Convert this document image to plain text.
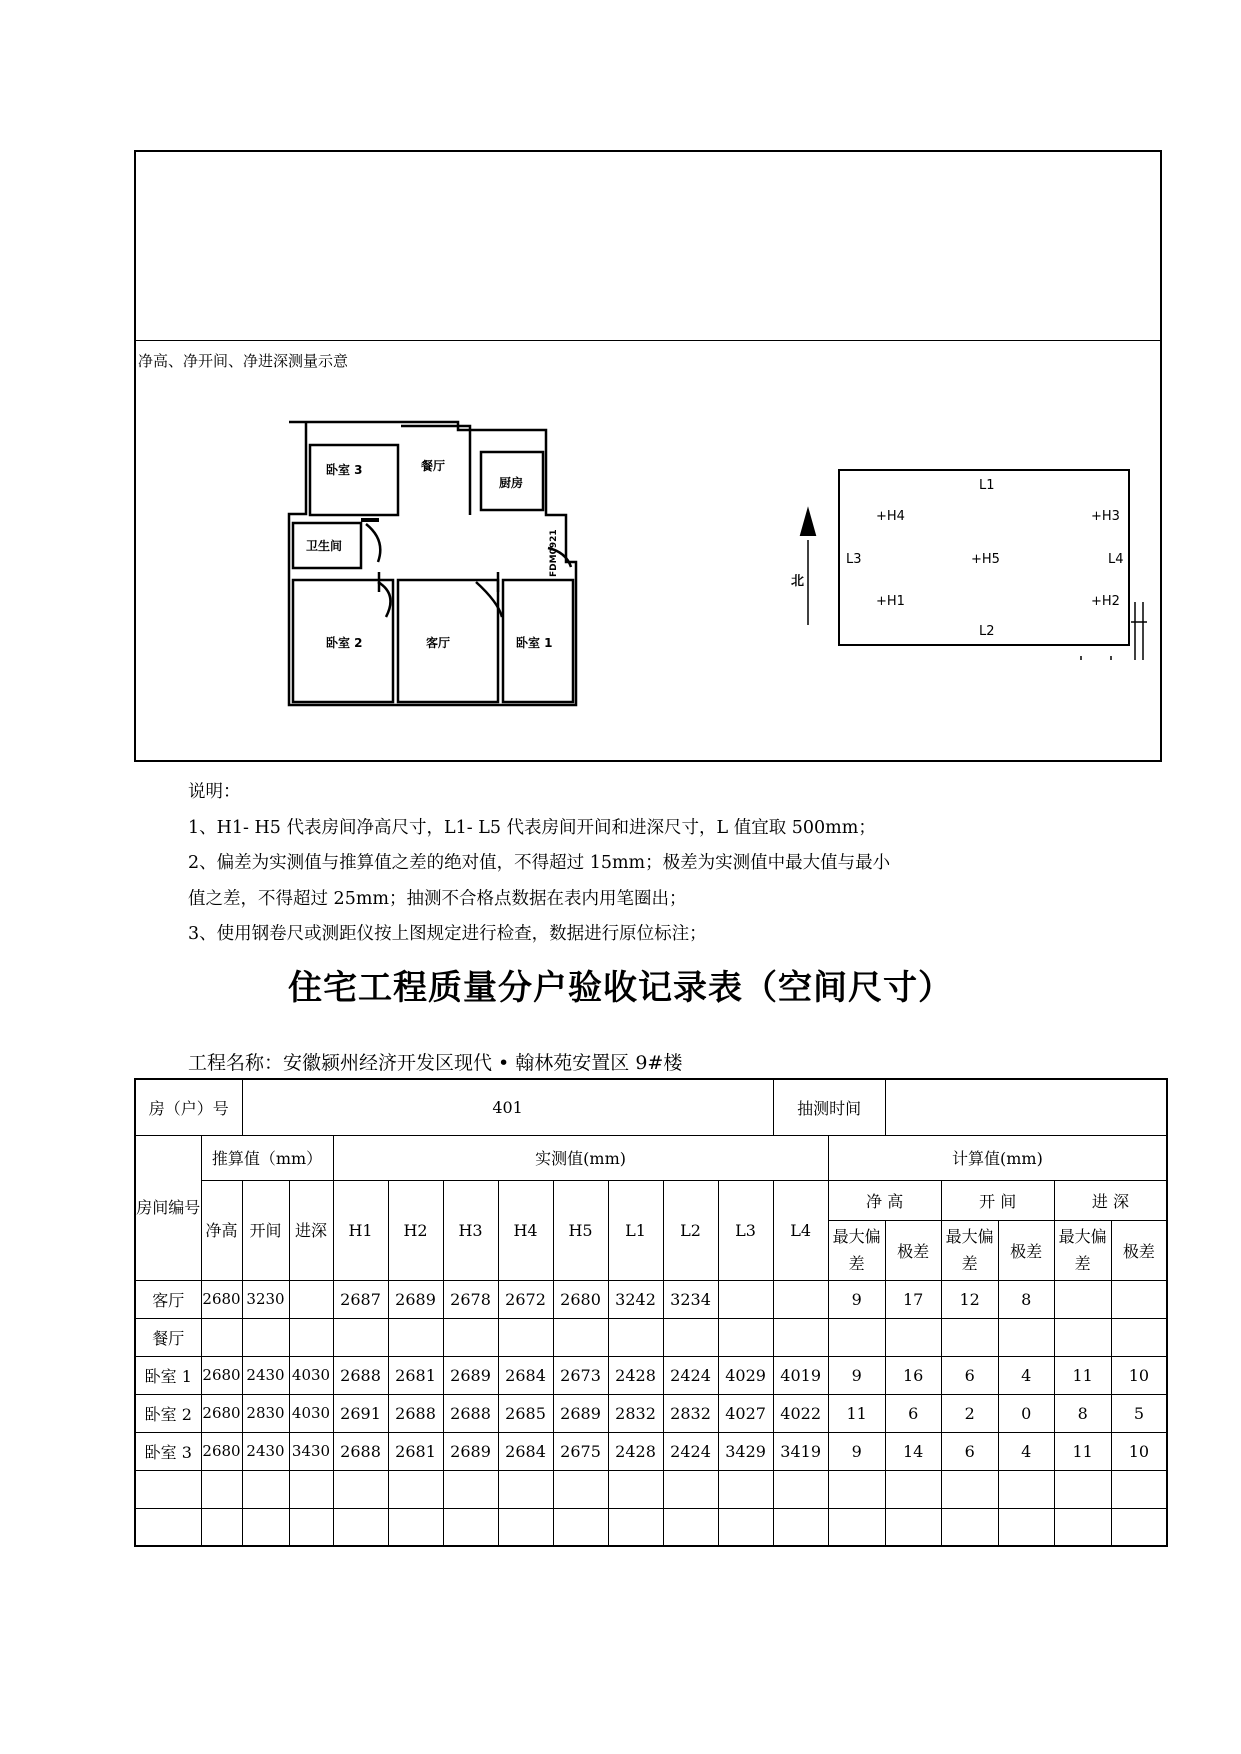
净高、净开间、净进深测量示意
卧室 3	餐厅
厨房
卫生间
卧室 2	客厅	卧室 1
FDM0921
北
L1
L2
L3	L4
+H4	+H3
+H5
+H1	+H2
说明：
1、H1- H5 代表房间净高尺寸，L1- L5 代表房间开间和进深尺寸，L 值宜取 500mm；
2、偏差为实测值与推算值之差的绝对值，不得超过 15mm；极差为实测值中最大值与最小
值之差，不得超过 25mm；抽测不合格点数据在表内用笔圈出；
3、使用钢卷尺或测距仪按上图规定进行检查，数据进行原位标注；
住宅工程质量分户验收记录表（空间尺寸）
工程名称：安徽颍州经济开发区现代 • 翰林苑安置区 9#楼
房（户）号		401										抽测时间						
房间编号	推算值（mm）			实测值(mm)									计算值(mm)					
	净高	开间	进深	H1	H2	H3	H4	H5	L1	L2	L3	L4	净 高		开 间		进 深	
													最大偏差	极差	最大偏差	极差	最大偏差	极差
客厅	2680	3230		2687	2689	2678	2672	2680	3242	3234			9	17	12	8		
餐厅																		
卧室 1	2680	2430	4030	2688	2681	2689	2684	2673	2428	2424	4029	4019	9	16	6	4	11	10
卧室 2	2680	2830	4030	2691	2688	2688	2685	2689	2832	2832	4027	4022	11	6	2	0	8	5
卧室 3	2680	2430	3430	2688	2681	2689	2684	2675	2428	2424	3429	3419	9	14	6	4	11	10
